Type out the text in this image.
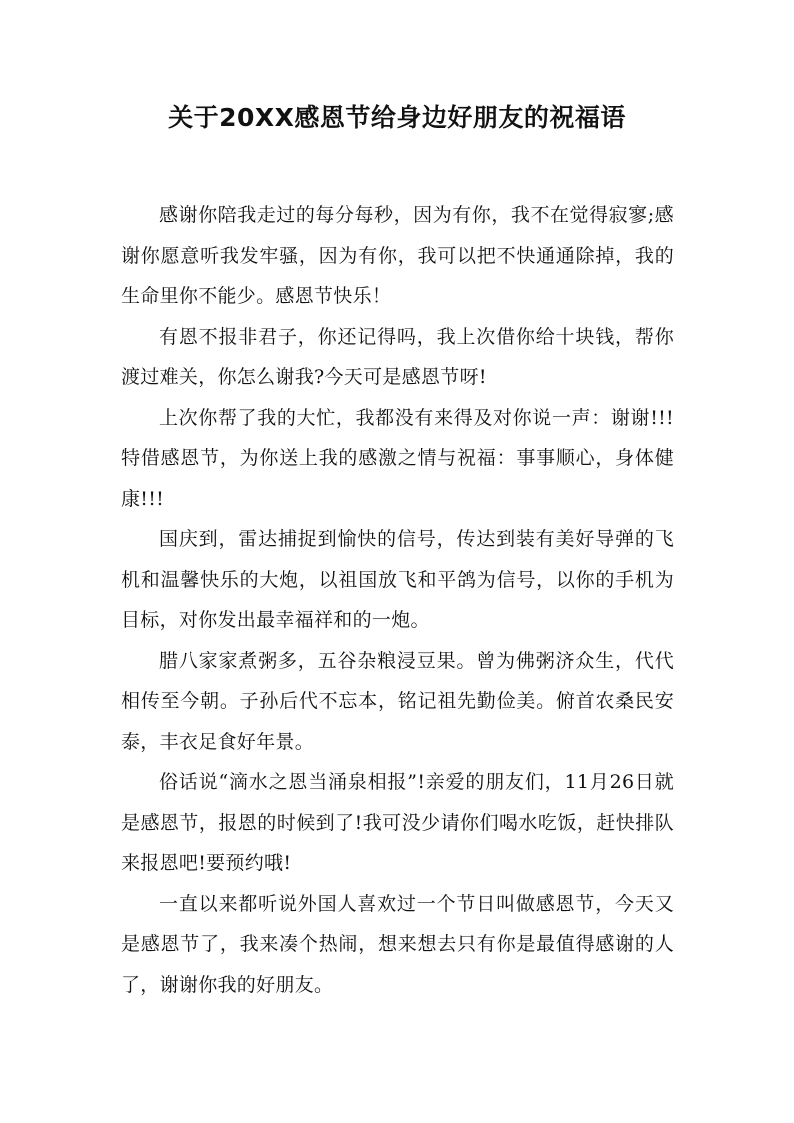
关于20XX感恩节给身边好朋友的祝福语

感谢你陪我走过的每分每秒，因为有你，我不在觉得寂寥;感谢你愿意听我发牢骚，因为有你，我可以把不快通通除掉，我的生命里你不能少。感恩节快乐！

有恩不报非君子，你还记得吗，我上次借你给十块钱，帮你渡过难关，你怎么谢我?今天可是感恩节呀!

上次你帮了我的大忙，我都没有来得及对你说一声：谢谢!!!特借感恩节，为你送上我的感激之情与祝福：事事顺心，身体健康!!!

国庆到，雷达捕捉到愉快的信号，传达到装有美好导弹的飞机和温馨快乐的大炮，以祖国放飞和平鸽为信号，以你的手机为目标，对你发出最幸福祥和的一炮。

腊八家家煮粥多，五谷杂粮浸豆果。曾为佛粥济众生，代代相传至今朝。子孙后代不忘本，铭记祖先勤俭美。俯首农桑民安泰，丰衣足食好年景。

俗话说“滴水之恩当涌泉相报”!亲爱的朋友们，11月26日就是感恩节，报恩的时候到了!我可没少请你们喝水吃饭，赶快排队来报恩吧!要预约哦!

一直以来都听说外国人喜欢过一个节日叫做感恩节，今天又是感恩节了，我来凑个热闹，想来想去只有你是最值得感谢的人了，谢谢你我的好朋友。
